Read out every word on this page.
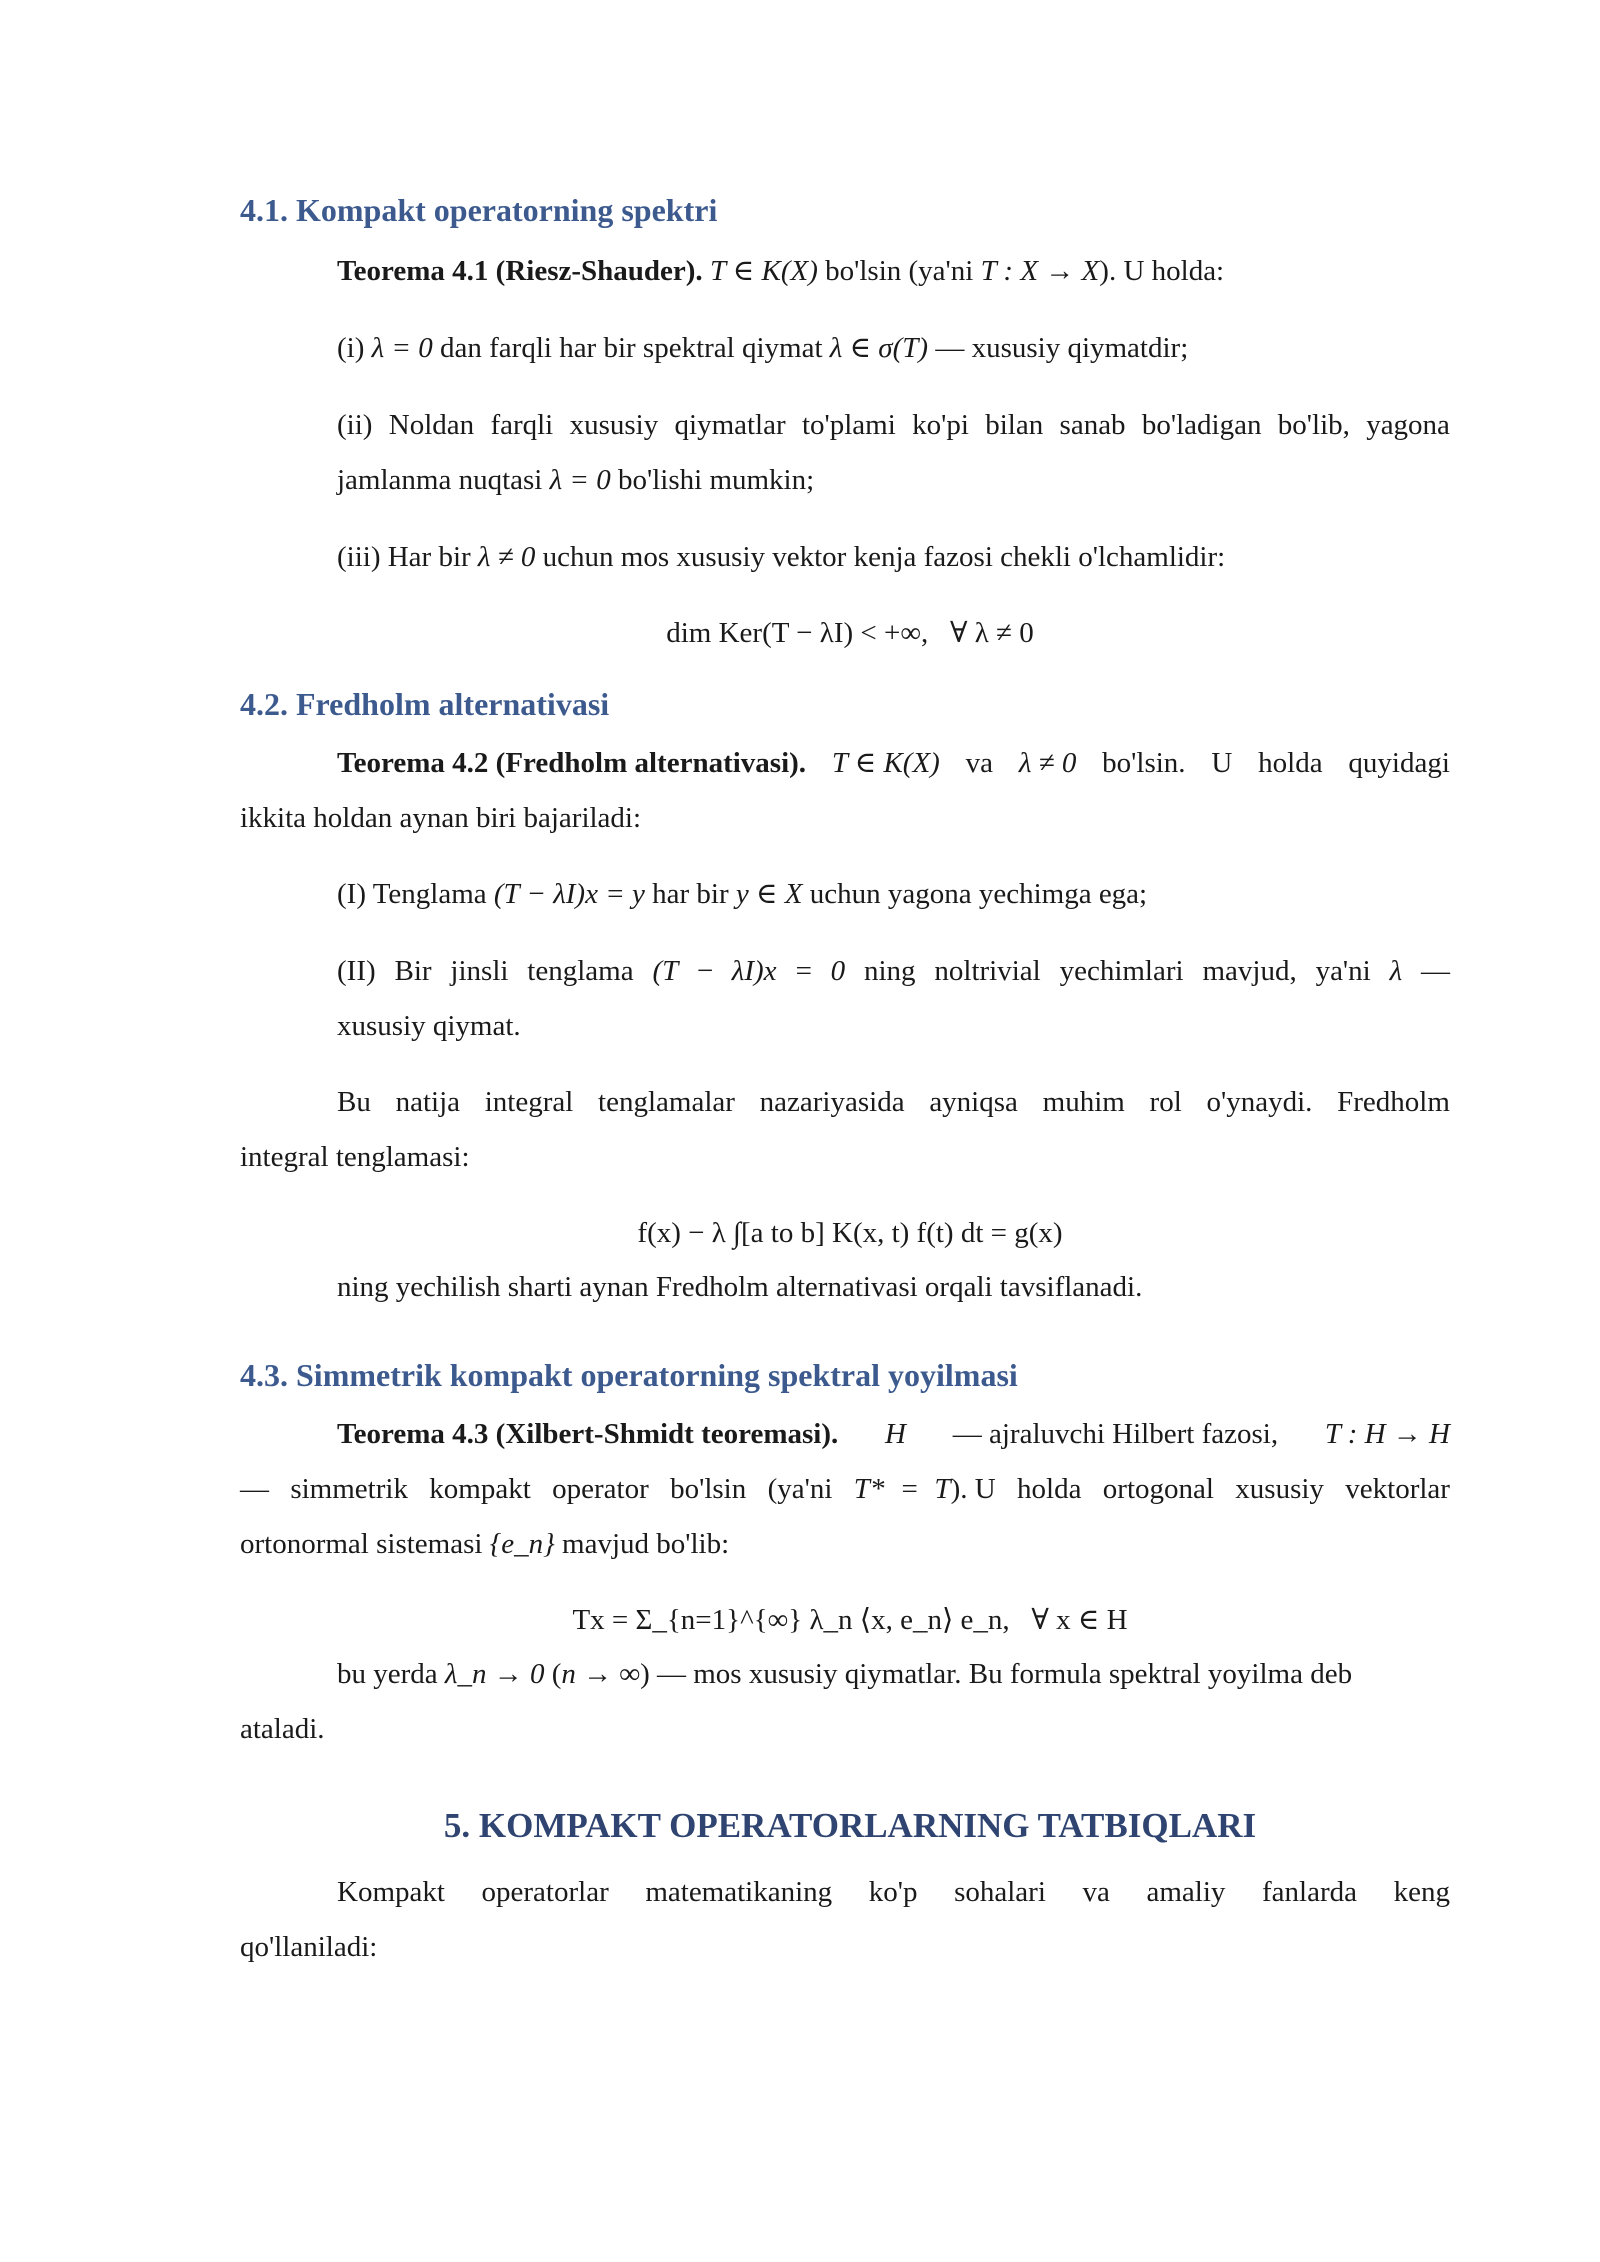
4.1. Kompakt operatorning spektri
Teorema 4.1 (Riesz-Shauder). T ∈ K(X) bo'lsin (ya'ni T : X → X). U holda:
(i) λ = 0 dan farqli har bir spektral qiymat λ ∈ σ(T) — xususiy qiymatdir;
(ii) Noldan farqli xususiy qiymatlar to'plami ko'pi bilan sanab bo'ladigan bo'lib, yagona
jamlanma nuqtasi λ = 0 bo'lishi mumkin;
(iii) Har bir λ ≠ 0 uchun mos xususiy vektor kenja fazosi chekli o'lchamlidir:
dim Ker(T − λI) < +∞,   ∀ λ ≠ 0
4.2. Fredholm alternativasi
Teorema 4.2 (Fredholm alternativasi). T ∈ K(X) va λ ≠ 0 bo'lsin. U holda quyidagi
ikkita holdan aynan biri bajariladi:
(I) Tenglama (T − λI)x = y har bir y ∈ X uchun yagona yechimga ega;
(II) Bir jinsli tenglama (T − λI)x = 0 ning noltrivial yechimlari mavjud, ya'ni λ —
xususiy qiymat.
Bu natija integral tenglamalar nazariyasida ayniqsa muhim rol o'ynaydi. Fredholm
integral tenglamasi:
f(x) − λ ∫[a to b] K(x, t) f(t) dt = g(x)
ning yechilish sharti aynan Fredholm alternativasi orqali tavsiflanadi.
4.3. Simmetrik kompakt operatorning spektral yoyilmasi
Teorema 4.3 (Xilbert-Shmidt teoremasi). H — ajraluvchi Hilbert fazosi, T : H → H
— simmetrik kompakt operator bo'lsin (ya'ni T* = T). U holda ortogonal xususiy vektorlar
ortonormal sistemasi {e_n} mavjud bo'lib:
Tx = Σ_{n=1}^{∞} λ_n ⟨x, e_n⟩ e_n,   ∀ x ∈ H
bu yerda λ_n → 0 (n → ∞) — mos xususiy qiymatlar. Bu formula spektral yoyilma deb
ataladi.
5. KOMPAKT OPERATORLARNING TATBIQLARI
Kompakt operatorlar matematikaning ko'p sohalari va amaliy fanlarda keng
qo'llaniladi:
